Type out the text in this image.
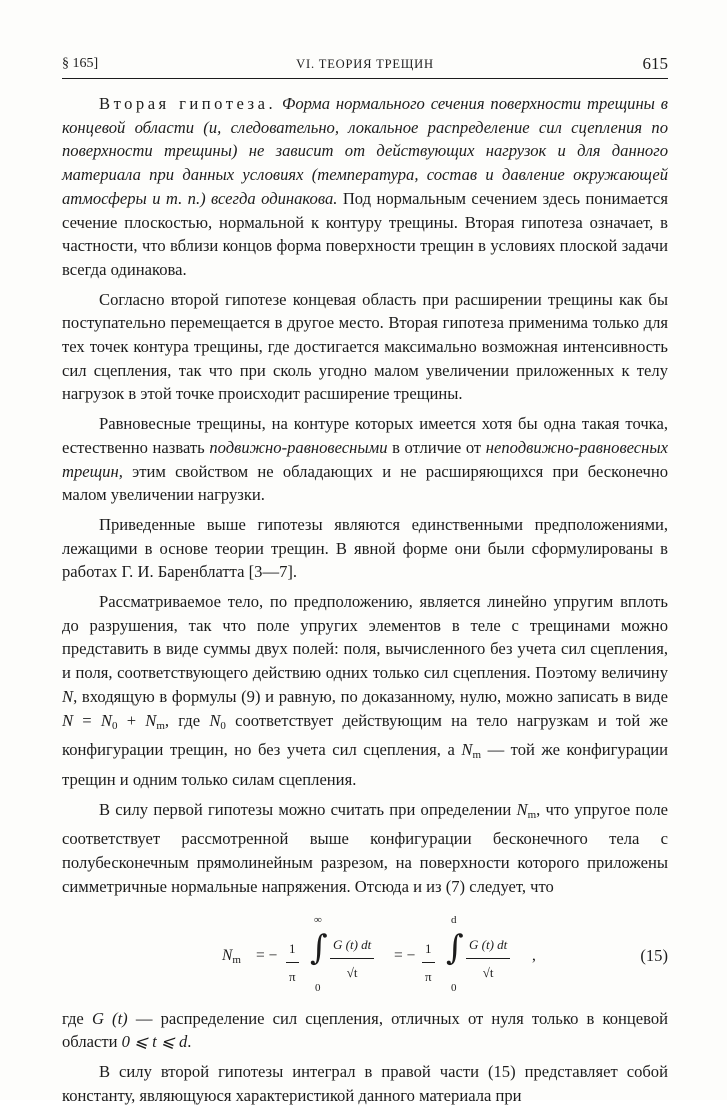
§ 165]	VI. ТЕОРИЯ ТРЕЩИН	615

Вторая гипотеза. Форма нормального сечения поверхности трещины в концевой области (и, следовательно, локальное распределение сил сцепления по поверхности трещины) не зависит от действующих нагрузок и для данного материала при данных условиях (температура, состав и давление окружающей атмосферы и т. п.) всегда одинакова. Под нормальным сечением здесь понимается сечение плоскостью, нормальной к контуру трещины. Вторая гипотеза означает, в частности, что вблизи концов форма поверхности трещин в условиях плоской задачи всегда одинакова.

Согласно второй гипотезе концевая область при расширении трещины как бы поступательно перемещается в другое место. Вторая гипотеза применима только для тех точек контура трещины, где достигается максимально возможная интенсивность сил сцепления, так что при сколь угодно малом увеличении приложенных к телу нагрузок в этой точке происходит расширение трещины.

Равновесные трещины, на контуре которых имеется хотя бы одна такая точка, естественно назвать подвижно-равновесными в отличие от неподвижно-равновесных трещин, этим свойством не обладающих и не расширяющихся при бесконечно малом увеличении нагрузки.

Приведенные выше гипотезы являются единственными предположениями, лежащими в основе теории трещин. В явной форме они были сформулированы в работах Г. И. Баренблатта [3—7].

Рассматриваемое тело, по предположению, является линейно упругим вплоть до разрушения, так что поле упругих элементов в теле с трещинами можно представить в виде суммы двух полей: поля, вычисленного без учета сил сцепления, и поля, соответствующего действию одних только сил сцепления. Поэтому величину N, входящую в формулы (9) и равную, по доказанному, нулю, можно записать в виде $N = N_0 + N_m$, где $N_0$ соответствует действующим на тело нагрузкам и той же конфигурации трещин, но без учета сил сцепления, а $N_m$ — той же конфигурации трещин и одним только силам сцепления.

В силу первой гипотезы можно считать при определении $N_m$, что упругое поле соответствует рассмотренной выше конфигурации бесконечного тела с полубесконечным прямолинейным разрезом, на поверхности которого приложены симметричные нормальные напряжения. Отсюда и из (7) следует, что

$N_m$ = − $\frac{1}{\pi}$
∞
∫
0
$\frac{G (t) dt}{√t}$ = − $\frac{1}{\pi}$
d
∫
0
$\frac{G (t) dt}{√t}$ ,	(15)

где G (t) — распределение сил сцепления, отличных от нуля только в концевой области 0 ⩽ t ⩽ d.

В силу второй гипотезы интеграл в правой части (15) представляет собой константу, являющуюся характеристикой данного материала при
